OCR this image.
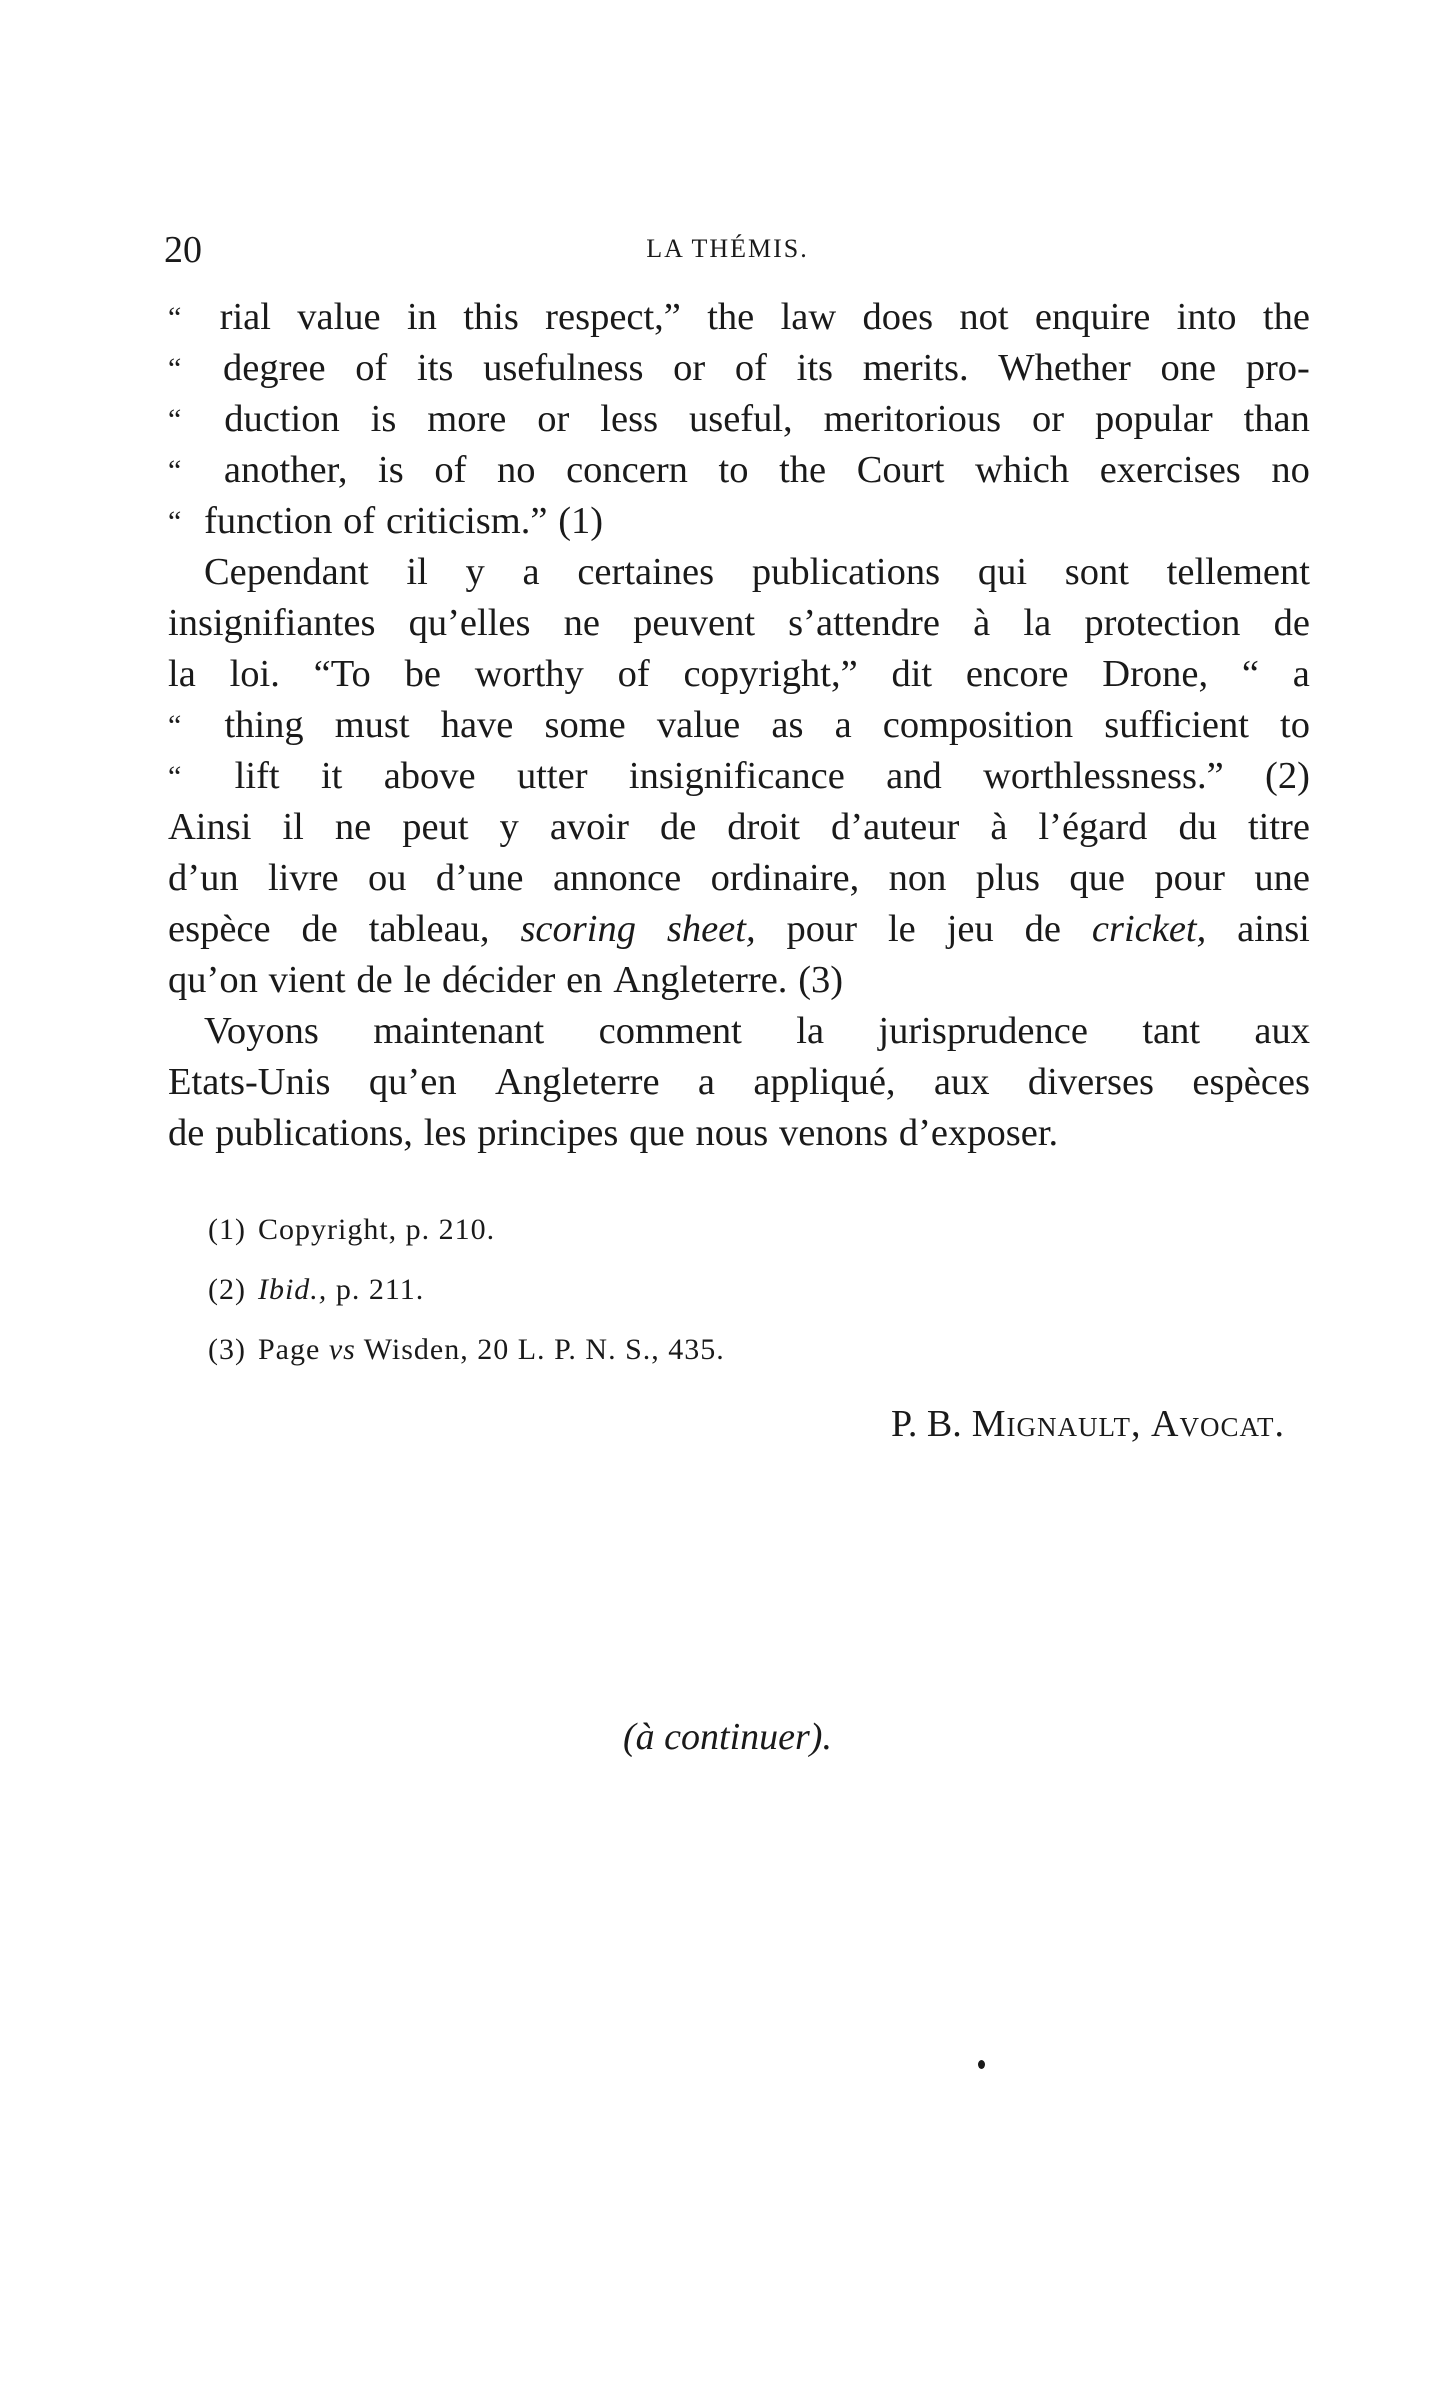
20	LA THÉMIS.
“ rial value in this respect,” the law does not enquire into the
“ degree of its usefulness or of its merits. Whether one pro-
“ duction is more or less useful, meritorious or popular than
“ another, is of no concern to the Court which exercises no
“ function of criticism.” (1)
Cependant il y a certaines publications qui sont tellement
insignifiantes qu’elles ne peuvent s’attendre à la protection de
la loi. “To be worthy of copyright,” dit encore Drone, “ a
“ thing must have some value as a composition sufficient to
“ lift it above utter insignificance and worthlessness.” (2)
Ainsi il ne peut y avoir de droit d’auteur à l’égard du titre
d’un livre ou d’une annonce ordinaire, non plus que pour une
espèce de tableau, scoring sheet, pour le jeu de cricket, ainsi
qu’on vient de le décider en Angleterre. (3)
Voyons maintenant comment la jurisprudence tant aux
Etats-Unis qu’en Angleterre a appliqué, aux diverses espèces
de publications, les principes que nous venons d’exposer.
(1) Copyright, p. 210.
(2) Ibid., p. 211.
(3) Page vs Wisden, 20 L. P. N. S., 435.
P. B. Mignault, Avocat.
(à continuer).
